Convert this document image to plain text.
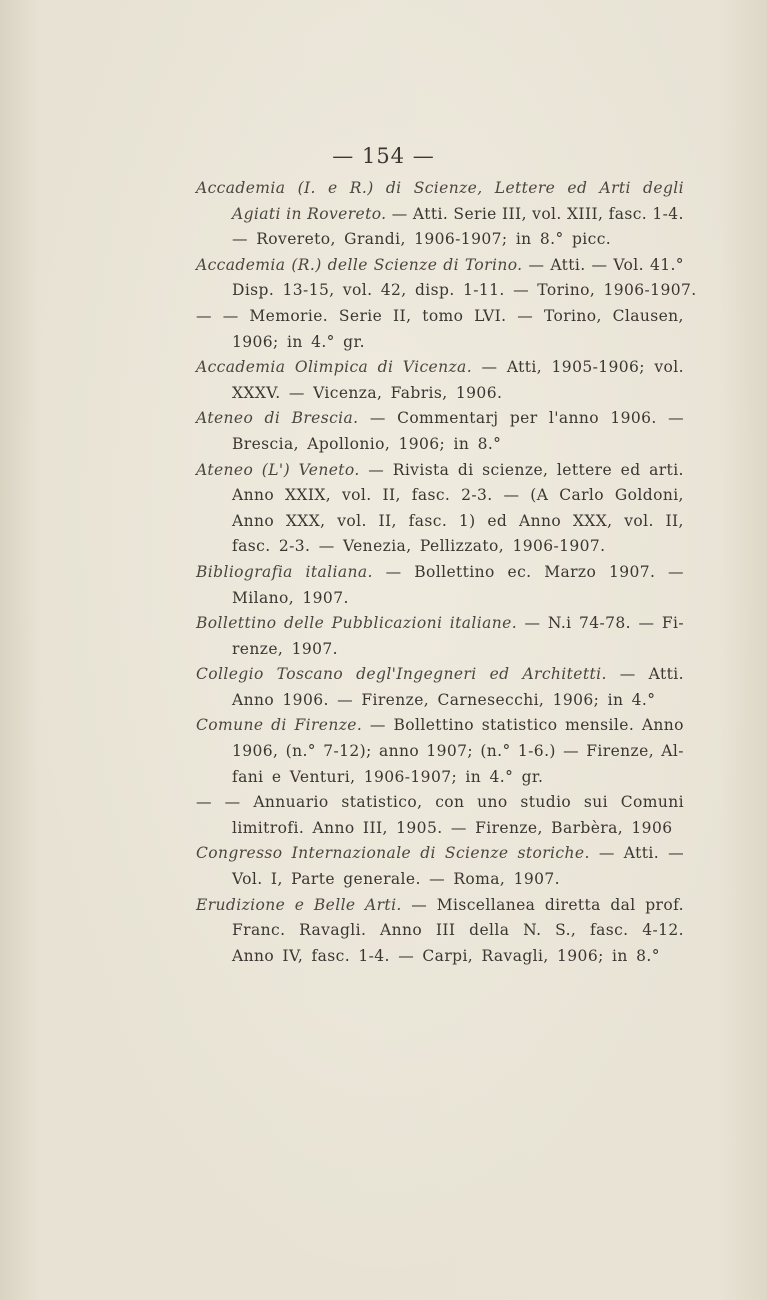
— 154 —
Accademia (I. e R.) di Scienze, Lettere ed Arti degli
Agiati in Rovereto. — Atti. Serie III, vol. XIII, fasc. 1-4.
—
Rovereto,
Grandi,
1906-1907;
in
8.°
picc.
Accademia (R.) delle Scienze di Torino. — Atti. — Vol. 41.°
Disp.
13-15,
vol.
42,
disp.
1-11.
—
Torino,
1906-1907.
— — Memorie. Serie II, tomo LVI. — Torino, Clausen,
1906;
in
4.°
gr.
Accademia Olimpica di Vicenza. — Atti, 1905-1906; vol.
XXXV.
—
Vicenza,
Fabris,
1906.
Ateneo di Brescia. — Commentarj per l'anno 1906. —
Brescia,
Apollonio,
1906;
in
8.°
Ateneo (L') Veneto. — Rivista di scienze, lettere ed arti.
Anno XXIX, vol. II, fasc. 2-3. — (A Carlo Goldoni,
Anno XXX, vol. II, fasc. 1) ed Anno XXX, vol. II,
fasc.
2-3.
—
Venezia,
Pellizzato,
1906-1907.
Bibliografia italiana. — Bollettino ec. Marzo 1907. —
Milano,
1907.
Bollettino delle Pubblicazioni italiane. — N.i 74-78. — Fi-
renze,
1907.
Collegio Toscano degl'Ingegneri ed Architetti. — Atti.
Anno
1906.
—
Firenze,
Carnesecchi,
1906;
in
4.°
Comune di Firenze. — Bollettino statistico mensile. Anno
1906, (n.° 7-12); anno 1907; (n.° 1-6.) — Firenze, Al-
fani
e
Venturi,
1906-1907;
in
4.°
gr.
— — Annuario statistico, con uno studio sui Comuni
limitrofi.
Anno
III,
1905.
—
Firenze,
Barbèra,
1906
Congresso Internazionale di Scienze storiche. — Atti. —
Vol.
I,
Parte
generale.
—
Roma,
1907.
Erudizione e Belle Arti. — Miscellanea diretta dal prof.
Franc. Ravagli. Anno III della N. S., fasc. 4-12.
Anno
IV,
fasc.
1-4.
—
Carpi,
Ravagli,
1906;
in
8.°
